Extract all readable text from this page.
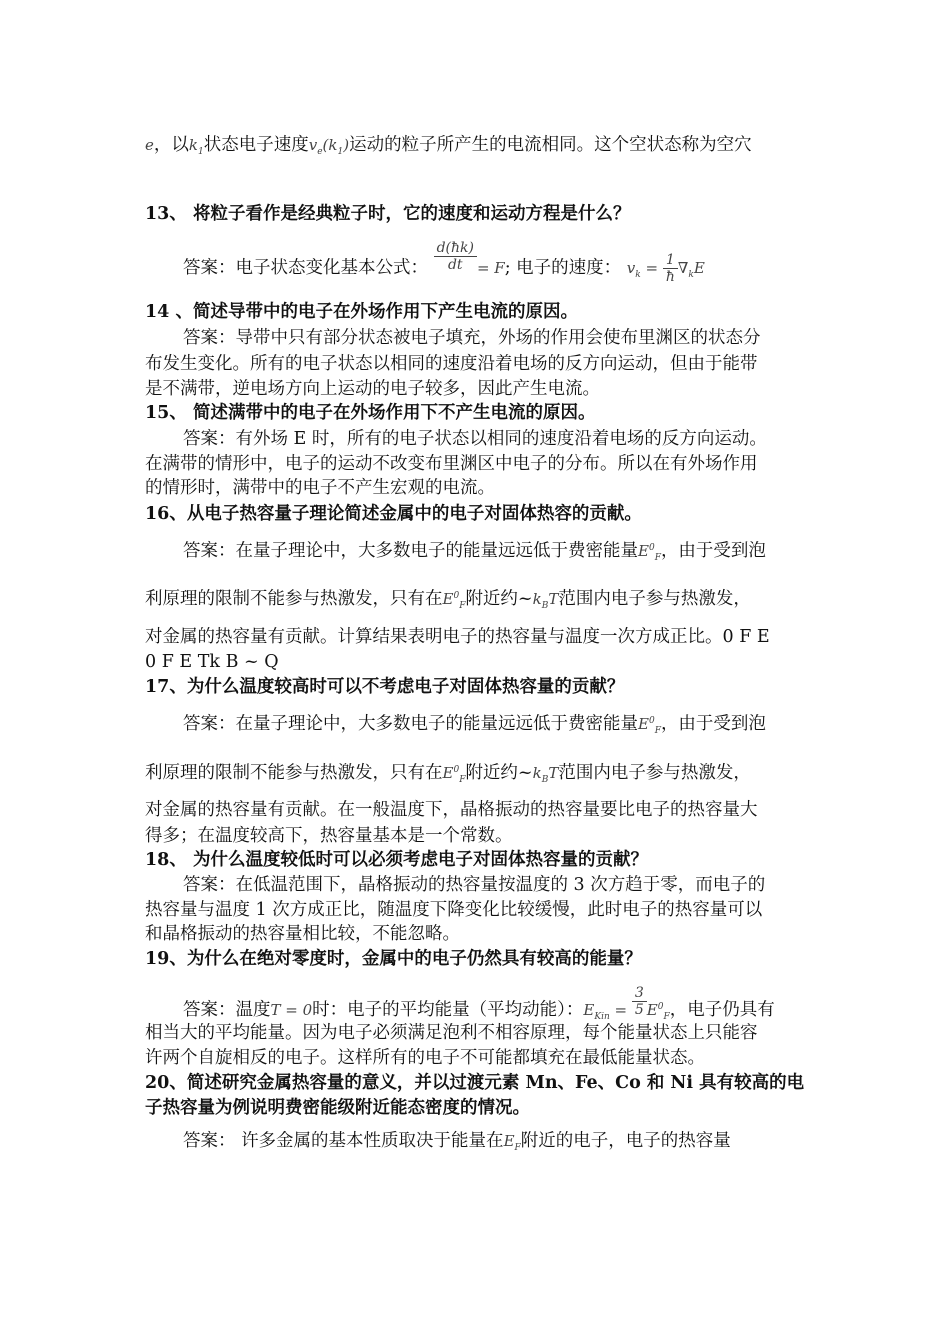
e，以$k_1$状态电子速度$v_e(k_1)$运动的粒子所产生的电流相同。这个空状态称为空穴
13、 将粒子看作是经典粒子时，它的速度和运动方程是什么？
答案：电子状态变化基本公式： $\frac{d(ħk)}{dt} = F$; 电子的速度： $v_k = \frac{1}{ħ} \nabla_kE$
14 、简述导带中的电子在外场作用下产生电流的原因。
答案：导带中只有部分状态被电子填充，外场的作用会使布里渊区的状态分
布发生变化。所有的电子状态以相同的速度沿着电场的反方向运动，但由于能带
是不满带，逆电场方向上运动的电子较多，因此产生电流。
15、 简述满带中的电子在外场作用下不产生电流的原因。
答案：有外场 E 时，所有的电子状态以相同的速度沿着电场的反方向运动。
在满带的情形中，电子的运动不改变布里渊区中电子的分布。所以在有外场作用
的情形时，满带中的电子不产生宏观的电流。
16、从电子热容量子理论简述金属中的电子对固体热容的贡献。
答案：在量子理论中，大多数电子的能量远远低于费密能量$E^0_F$，由于受到泡
利原理的限制不能参与热激发，只有在$E^0_F$附近约$\sim k_BT$范围内电子参与热激发，
对金属的热容量有贡献。计算结果表明电子的热容量与温度一次方成正比。0 F E
0 F E Tk B ~ Q
17、为什么温度较高时可以不考虑电子对固体热容量的贡献？
答案：在量子理论中，大多数电子的能量远远低于费密能量$E^0_F$，由于受到泡
利原理的限制不能参与热激发，只有在$E^0_F$附近约$\sim k_BT$范围内电子参与热激发，
对金属的热容量有贡献。在一般温度下，晶格振动的热容量要比电子的热容量大
得多；在温度较高下，热容量基本是一个常数。
18、 为什么温度较低时可以必须考虑电子对固体热容量的贡献？
答案：在低温范围下，晶格振动的热容量按温度的 3 次方趋于零，而电子的
热容量与温度 1 次方成正比，随温度下降变化比较缓慢，此时电子的热容量可以
和晶格振动的热容量相比较，不能忽略。
19、为什么在绝对零度时，金属中的电子仍然具有较高的能量？
答案：温度T = 0时：电子的平均能量（平均动能）：$E_{Kin} = \frac{3}{5} E^0_F$，电子仍具有
相当大的平均能量。因为电子必须满足泡利不相容原理，每个能量状态上只能容
许两个自旋相反的电子。这样所有的电子不可能都填充在最低能量状态。
20、简述研究金属热容量的意义，并以过渡元素 Mn、Fe、Co 和 Ni 具有较高的电
子热容量为例说明费密能级附近能态密度的情况。
答案： 许多金属的基本性质取决于能量在$E_F$附近的电子，电子的热容量
